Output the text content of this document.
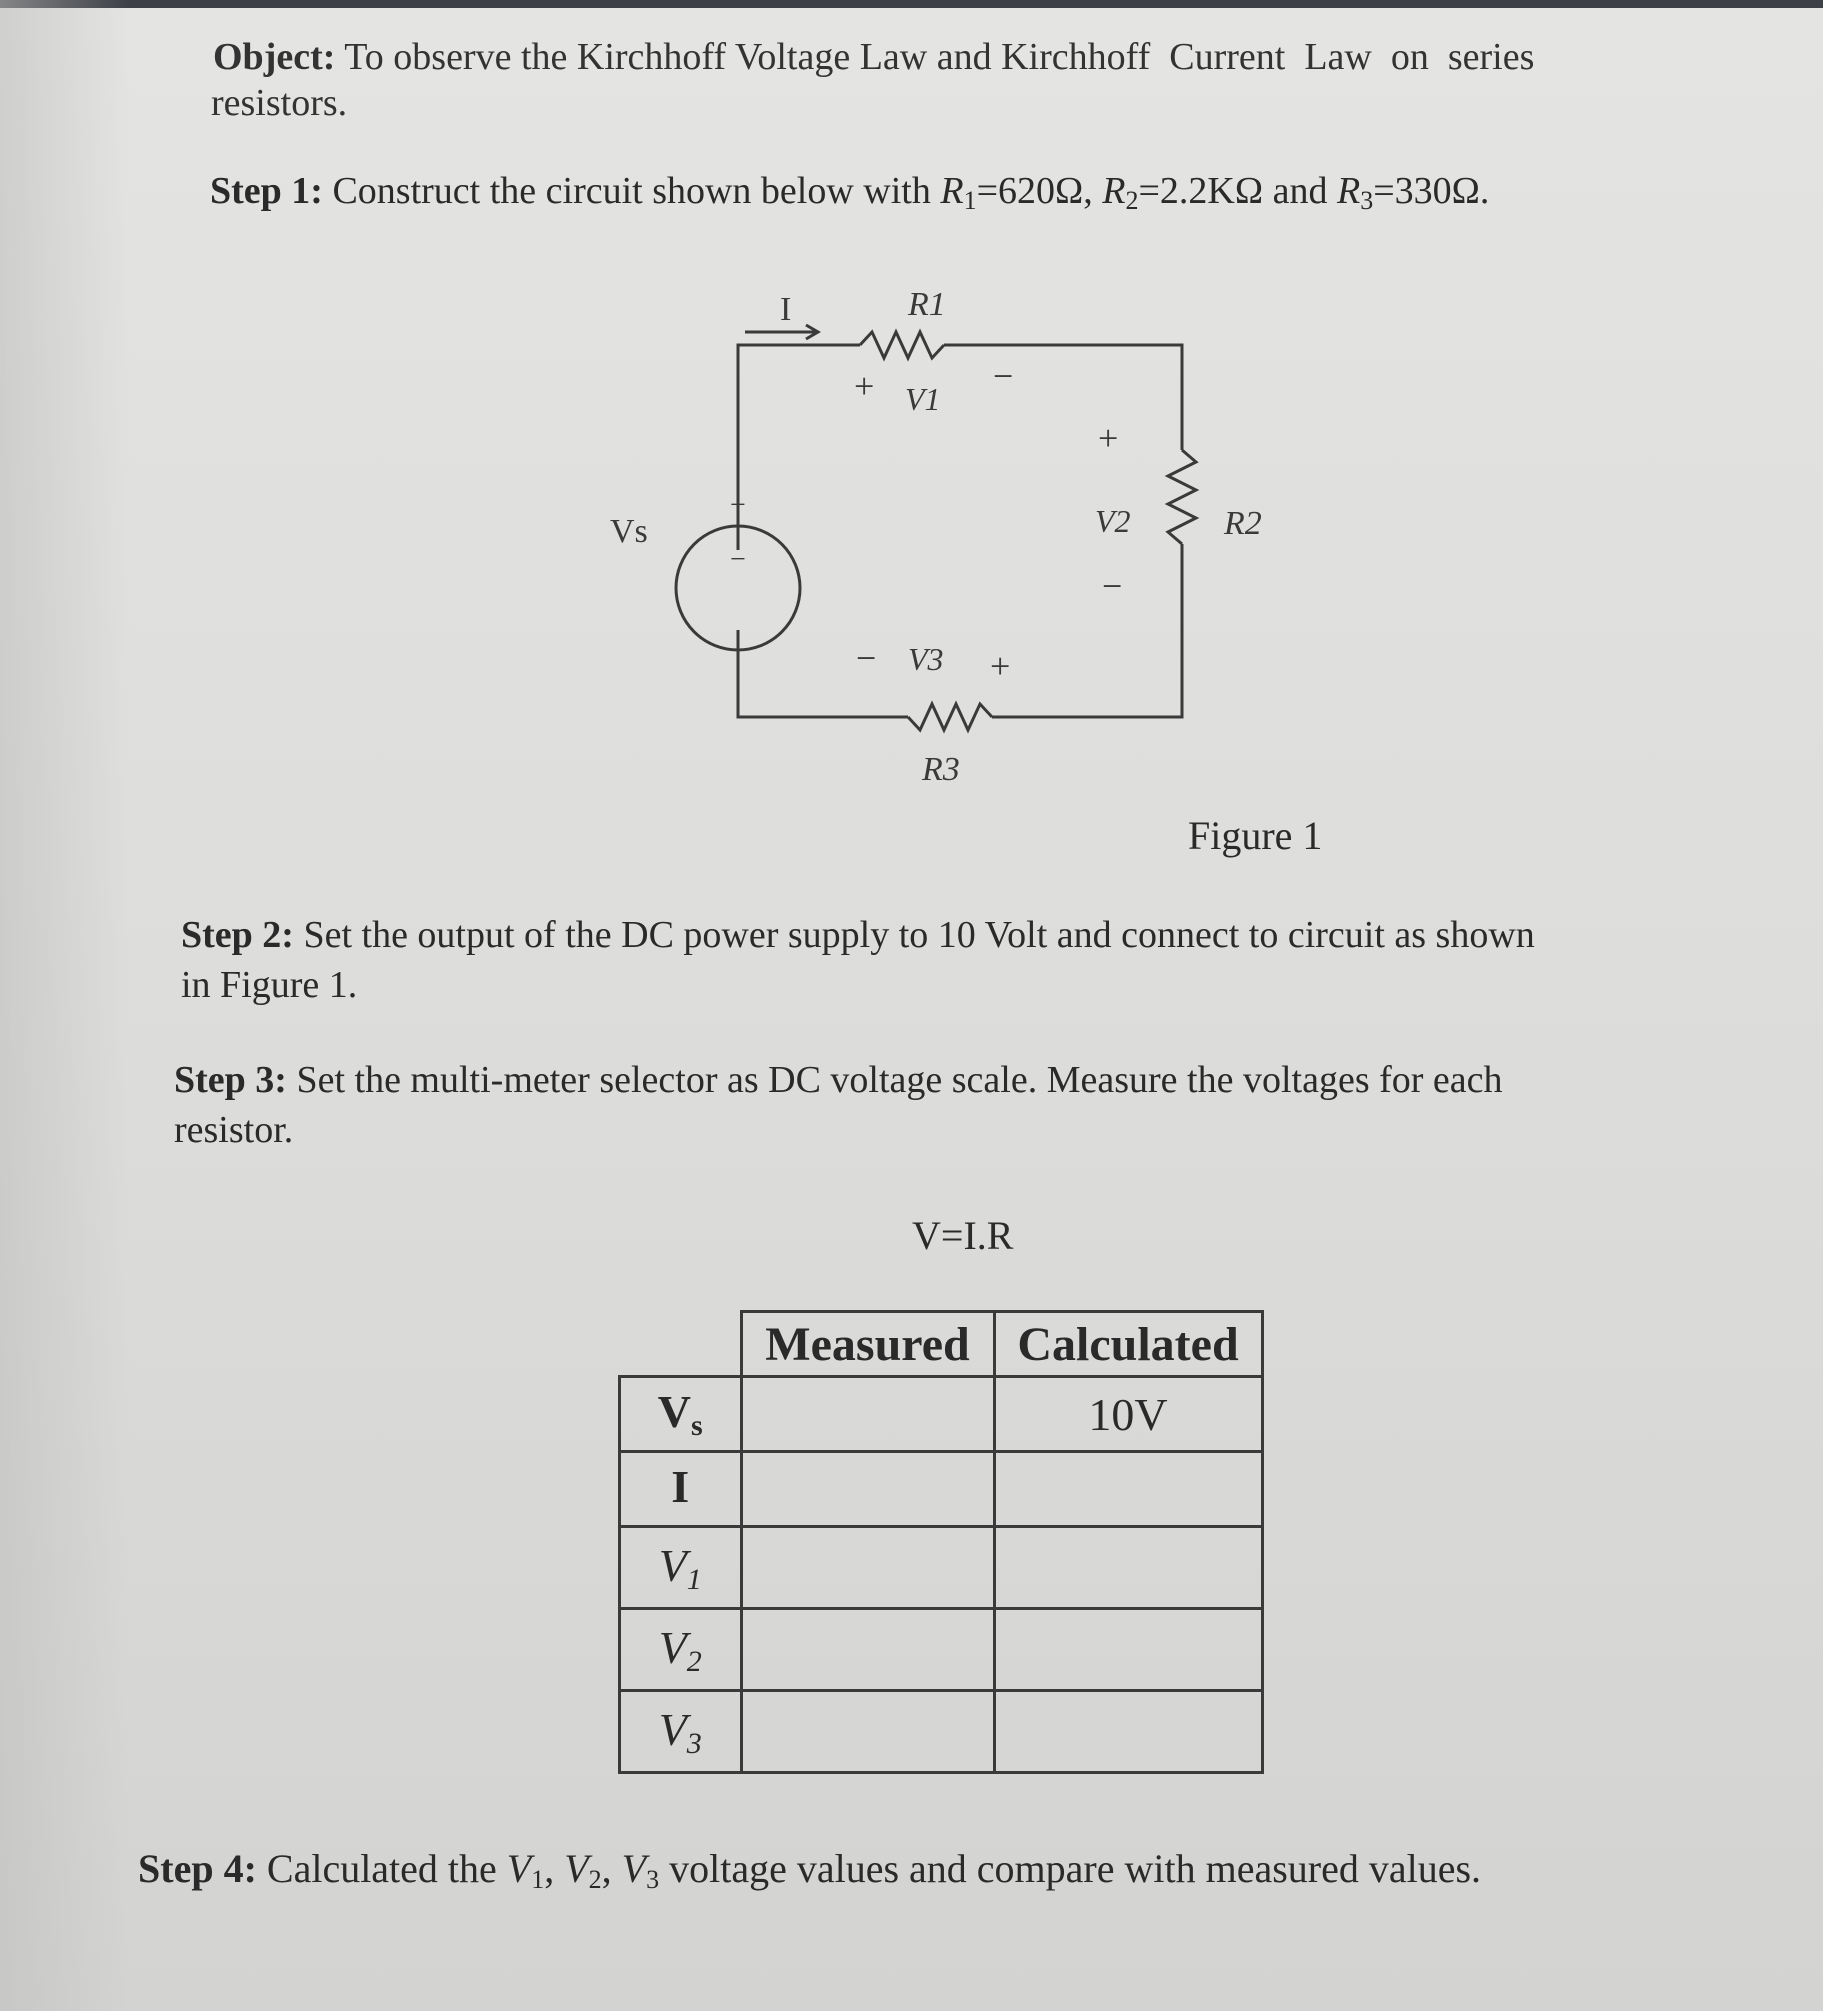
Object: To observe the Kirchhoff Voltage Law and Kirchhoff  Current  Law  on  series
resistors.
Step 1: Construct the circuit shown below with R1=620Ω, R2=2.2KΩ and R3=330Ω.
I	R1
+ V1
−
+
V2
−
R2
− V3 +
R3
Vs
+
−
Figure 1
Step 2: Set the output of the DC power supply to 10 Volt and connect to circuit as shown
in Figure 1.
Step 3: Set the multi-meter selector as DC voltage scale. Measure the voltages for each
resistor.
V=I.R
	Measured	Calculated
$V_s$		10V
I		
$V_1$		
$V_2$		
$V_3$		
Step 4: Calculated the V1, V2, V3 voltage values and compare with measured values.
